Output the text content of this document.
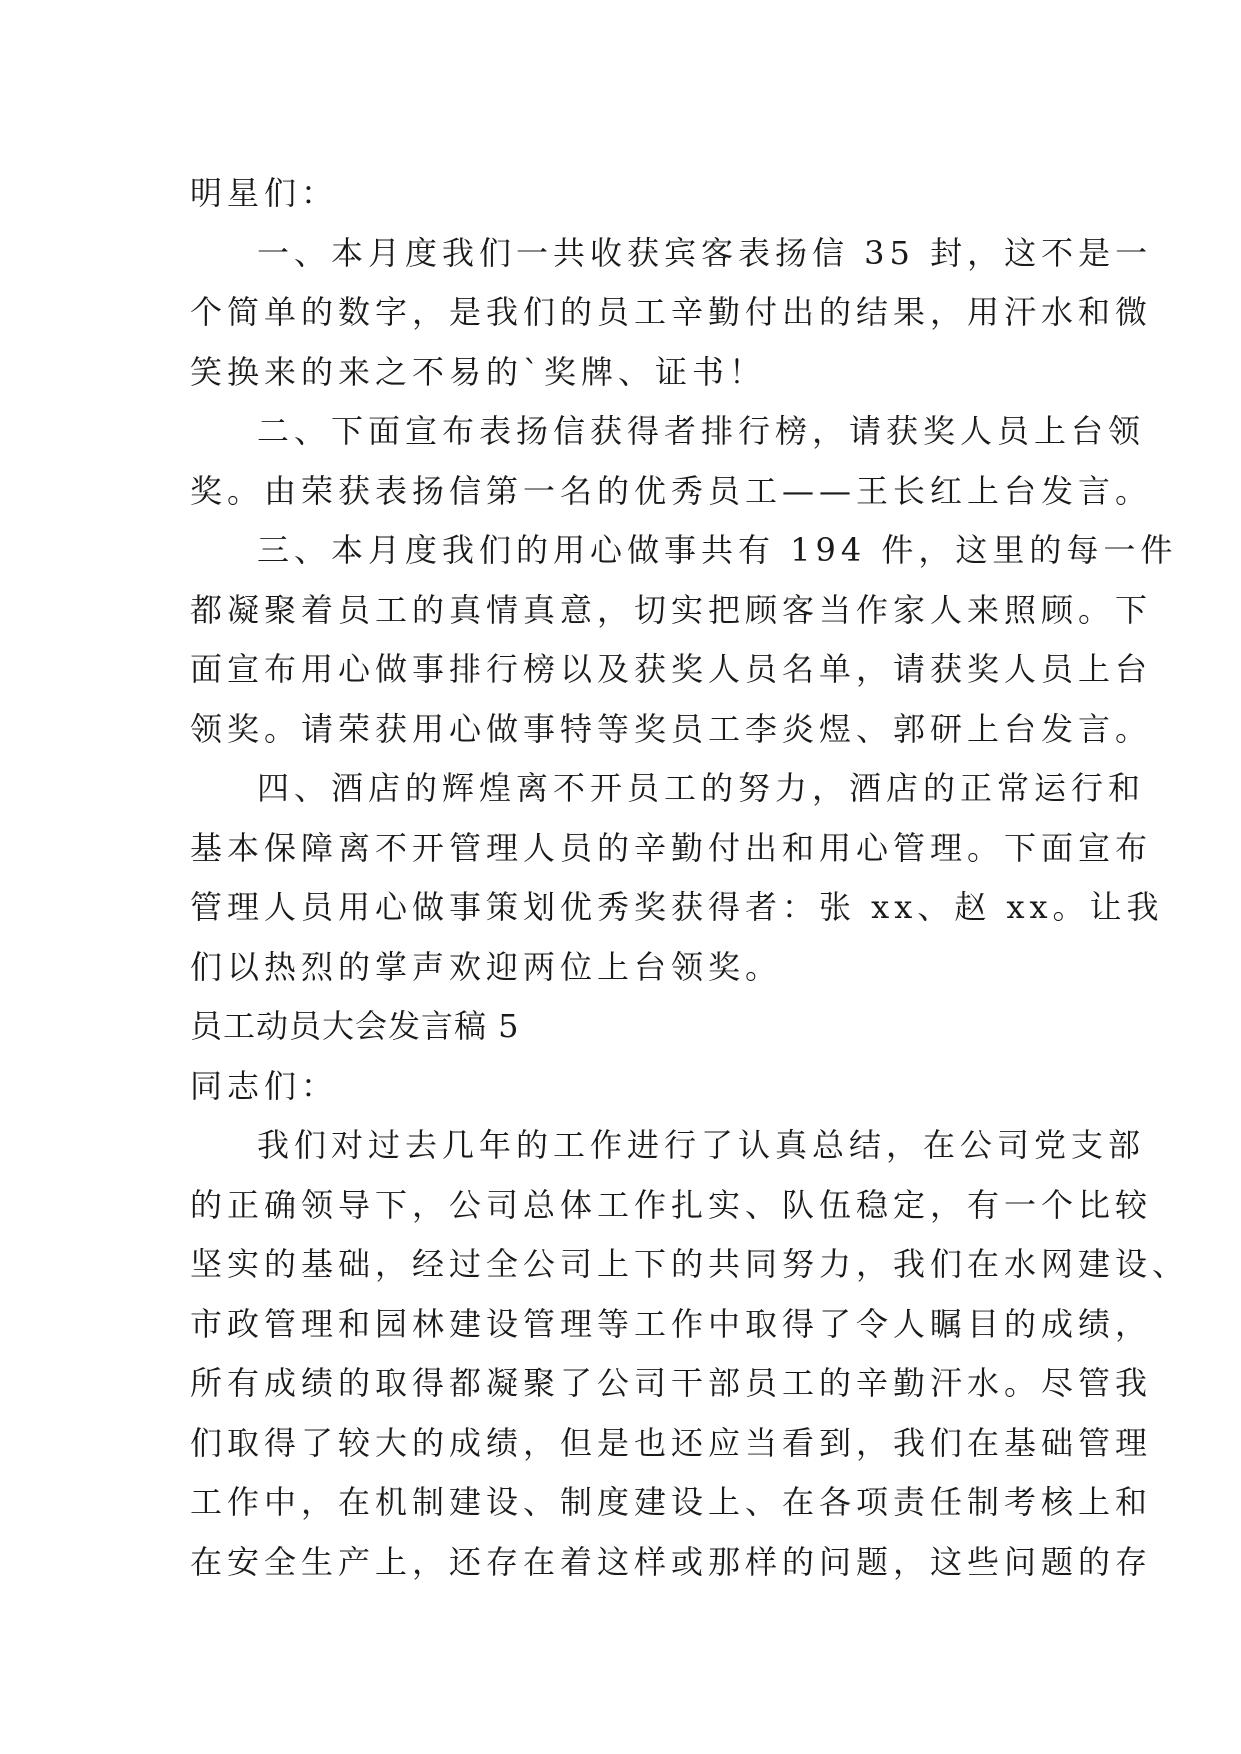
明星们：
一、本月度我们一共收获宾客表扬信 35 封，这不是一
个简单的数字，是我们的员工辛勤付出的结果，用汗水和微
笑换来的来之不易的`奖牌、证书！
二、下面宣布表扬信获得者排行榜，请获奖人员上台领
奖。由荣获表扬信第一名的优秀员工——王长红上台发言。
三、本月度我们的用心做事共有 194 件，这里的每一件
都凝聚着员工的真情真意，切实把顾客当作家人来照顾。下
面宣布用心做事排行榜以及获奖人员名单，请获奖人员上台
领奖。请荣获用心做事特等奖员工李炎煜、郭研上台发言。
四、酒店的辉煌离不开员工的努力，酒店的正常运行和
基本保障离不开管理人员的辛勤付出和用心管理。下面宣布
管理人员用心做事策划优秀奖获得者：张 xx、赵 xx。让我
们以热烈的掌声欢迎两位上台领奖。
员工动员大会发言稿 5
同志们：
我们对过去几年的工作进行了认真总结，在公司党支部
的正确领导下，公司总体工作扎实、队伍稳定，有一个比较
坚实的基础，经过全公司上下的共同努力，我们在水网建设、
市政管理和园林建设管理等工作中取得了令人瞩目的成绩，
所有成绩的取得都凝聚了公司干部员工的辛勤汗水。尽管我
们取得了较大的成绩，但是也还应当看到，我们在基础管理
工作中，在机制建设、制度建设上、在各项责任制考核上和
在安全生产上，还存在着这样或那样的问题，这些问题的存
